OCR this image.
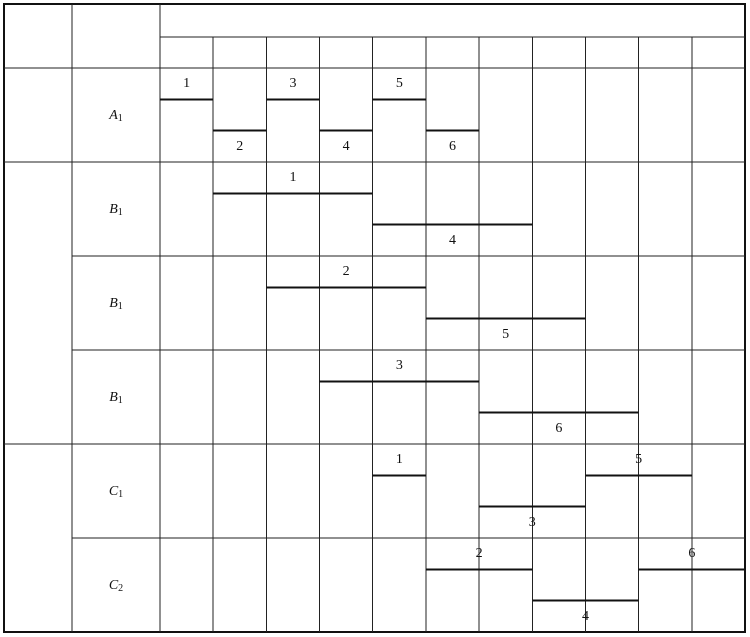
$A_1$
$B_1$
$B_1$
$B_1$
$C_1$
$C_2$
1
2
3
4
5
6
1
4
2
5
3
6
1
3
5
2
4
6
